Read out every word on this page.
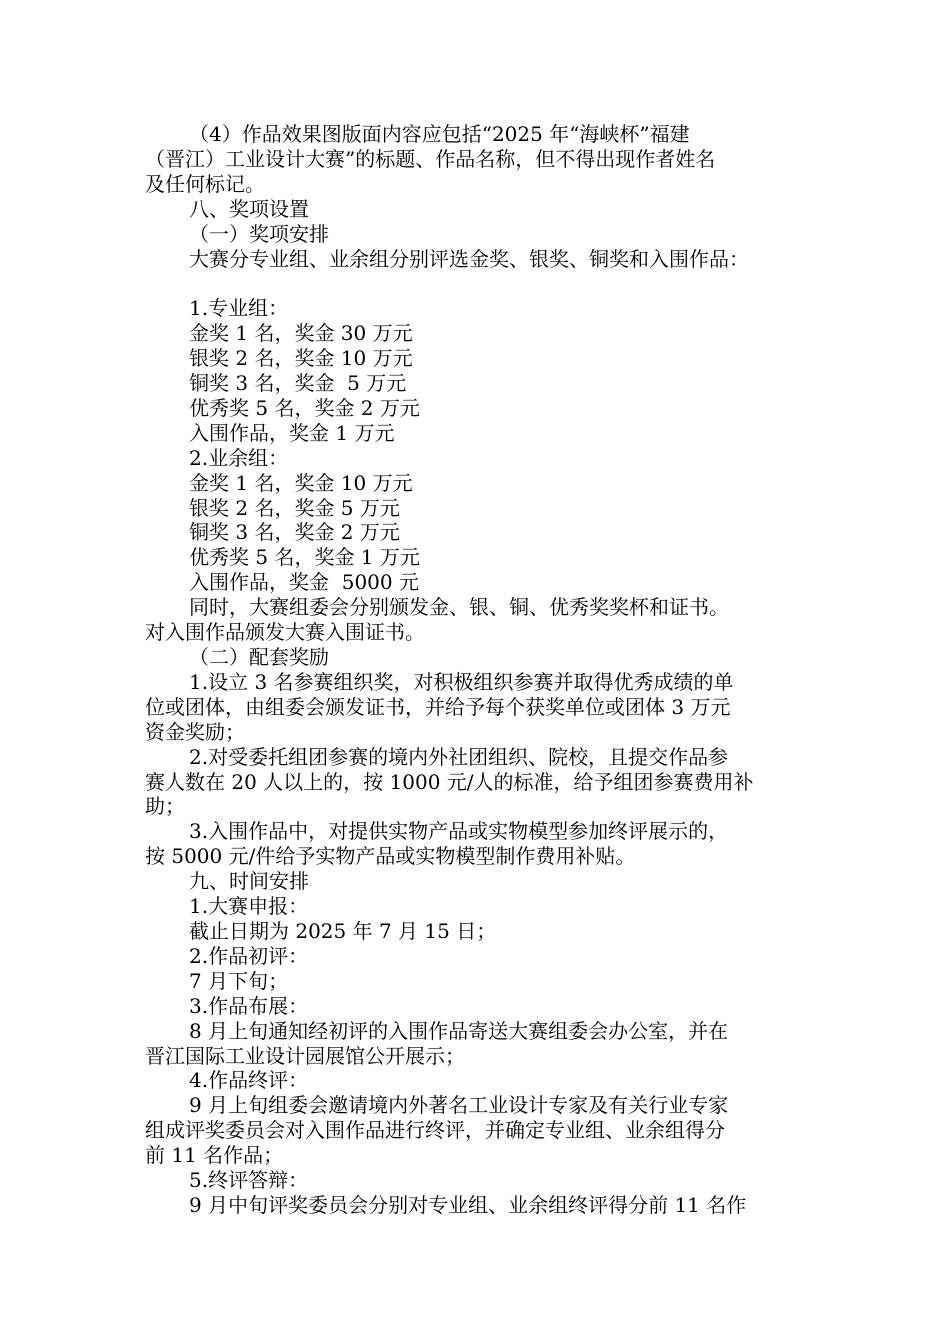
（4）作品效果图版面内容应包括“2025 年“海峡杯”福建

（晋江）工业设计大赛”的标题、作品名称，但不得出现作者姓名

及任何标记。

八、奖项设置

（一）奖项安排

大赛分专业组、业余组分别评选金奖、银奖、铜奖和入围作品：

1.专业组：

金奖 1 名，奖金 30 万元

银奖 2 名，奖金 10 万元

铜奖 3 名，奖金  5 万元

优秀奖 5 名，奖金 2 万元

入围作品，奖金 1 万元

2.业余组：

金奖 1 名，奖金 10 万元

银奖 2 名，奖金 5 万元

铜奖 3 名，奖金 2 万元

优秀奖 5 名，奖金 1 万元

入围作品，奖金  5000 元

同时，大赛组委会分别颁发金、银、铜、优秀奖奖杯和证书。

对入围作品颁发大赛入围证书。

（二）配套奖励

1.设立 3 名参赛组织奖，对积极组织参赛并取得优秀成绩的单

位或团体，由组委会颁发证书，并给予每个获奖单位或团体 3 万元

资金奖励；

2.对受委托组团参赛的境内外社团组织、院校，且提交作品参

赛人数在 20 人以上的，按 1000 元/人的标准，给予组团参赛费用补

助；

3.入围作品中，对提供实物产品或实物模型参加终评展示的，

按 5000 元/件给予实物产品或实物模型制作费用补贴。

九、时间安排

1.大赛申报：

截止日期为 2025 年 7 月 15 日；

2.作品初评：

7 月下旬；

3.作品布展：

8 月上旬通知经初评的入围作品寄送大赛组委会办公室，并在

晋江国际工业设计园展馆公开展示；

4.作品终评：

9 月上旬组委会邀请境内外著名工业设计专家及有关行业专家

组成评奖委员会对入围作品进行终评，并确定专业组、业余组得分

前 11 名作品；

5.终评答辩：

9 月中旬评奖委员会分别对专业组、业余组终评得分前 11 名作
